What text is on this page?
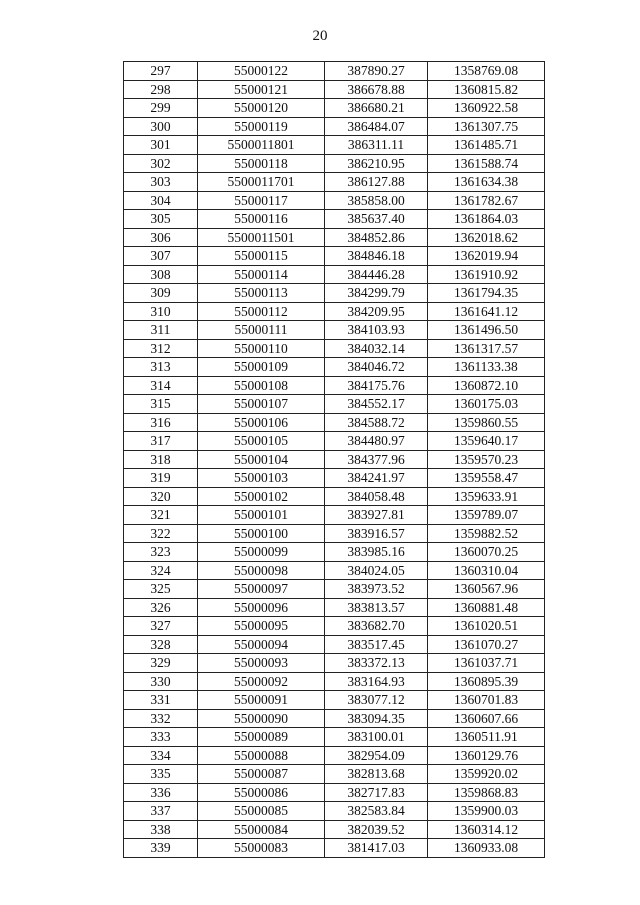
20
297	55000122	387890.27	1358769.08
298	55000121	386678.88	1360815.82
299	55000120	386680.21	1360922.58
300	55000119	386484.07	1361307.75
301	5500011801	386311.11	1361485.71
302	55000118	386210.95	1361588.74
303	5500011701	386127.88	1361634.38
304	55000117	385858.00	1361782.67
305	55000116	385637.40	1361864.03
306	5500011501	384852.86	1362018.62
307	55000115	384846.18	1362019.94
308	55000114	384446.28	1361910.92
309	55000113	384299.79	1361794.35
310	55000112	384209.95	1361641.12
311	55000111	384103.93	1361496.50
312	55000110	384032.14	1361317.57
313	55000109	384046.72	1361133.38
314	55000108	384175.76	1360872.10
315	55000107	384552.17	1360175.03
316	55000106	384588.72	1359860.55
317	55000105	384480.97	1359640.17
318	55000104	384377.96	1359570.23
319	55000103	384241.97	1359558.47
320	55000102	384058.48	1359633.91
321	55000101	383927.81	1359789.07
322	55000100	383916.57	1359882.52
323	55000099	383985.16	1360070.25
324	55000098	384024.05	1360310.04
325	55000097	383973.52	1360567.96
326	55000096	383813.57	1360881.48
327	55000095	383682.70	1361020.51
328	55000094	383517.45	1361070.27
329	55000093	383372.13	1361037.71
330	55000092	383164.93	1360895.39
331	55000091	383077.12	1360701.83
332	55000090	383094.35	1360607.66
333	55000089	383100.01	1360511.91
334	55000088	382954.09	1360129.76
335	55000087	382813.68	1359920.02
336	55000086	382717.83	1359868.83
337	55000085	382583.84	1359900.03
338	55000084	382039.52	1360314.12
339	55000083	381417.03	1360933.08
